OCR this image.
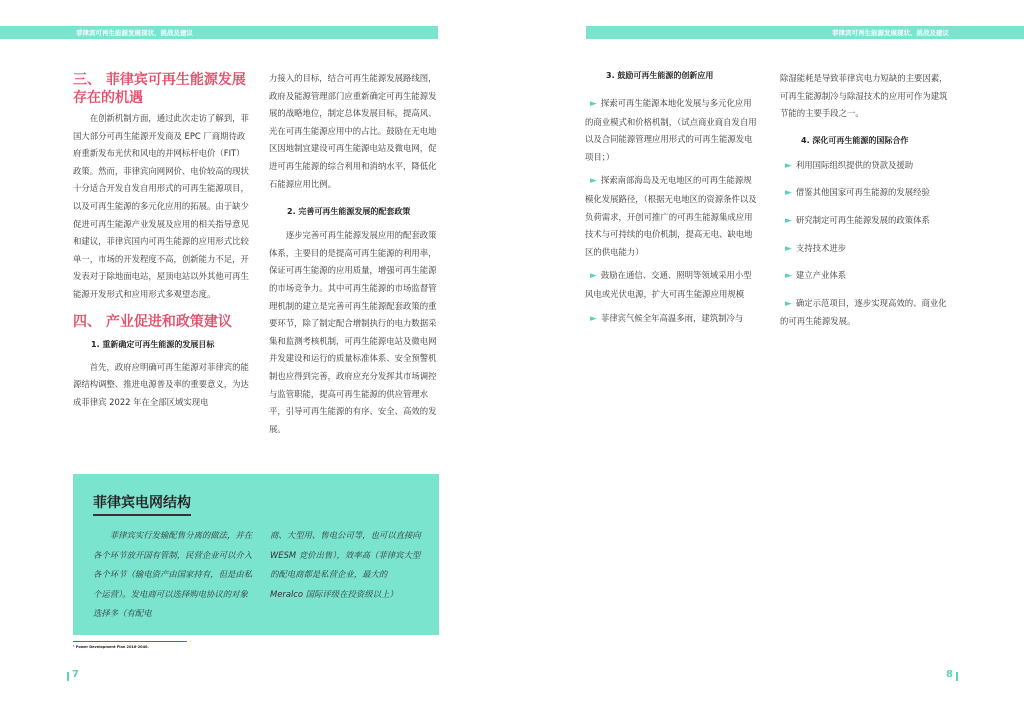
菲律宾可再生能源发展现状、挑战及建议	菲律宾可再生能源发展现状、挑战及建议
三、 菲律宾可再生能源发展存在的机遇

在创新机制方面，通过此次走访了解到，菲国大部分可再生能源开发商及 EPC 厂商期待政府重新发布光伏和风电的并网标杆电价（FIT）政策。然而，菲律宾向网网价、电价较高的现状十分适合开发自发自用形式的可再生能源项目，以及可再生能源的多元化应用的拓展。由于缺少促进可再生能源产业发展及应用的相关指导意见和建议，菲律宾国内可再生能源的应用形式比较单一，市场的开发程度不高，创新能力不足，开发表对于除地面电站，屋顶电站以外其他可再生能源开发形式和应用形式多观望态度。

四、 产业促进和政策建议
1. 重新确定可再生能源的发展目标

首先，政府应明确可再生能源对菲律宾的能源结构调整、推进电源普及率的重要意义，为达成菲律宾 2022 年在全部区域实现电

力接入的目标，结合可再生能源发展路线图，政府及能源管理部门应重新确定可再生能源发展的战略地位，制定总体发展目标，提高风、光在可再生能源应用中的占比。鼓励在无电地区因地制宜建设可再生能源电站及微电网，促进可再生能源的综合利用和消纳水平，降低化石能源应用比例。

2. 完善可再生能源发展的配套政策

逐步完善可再生能源发展应用的配套政策体系，主要目的是提高可再生能源的利用率，保证可再生能源的应用质量，增强可再生能源的市场竞争力。其中可再生能源的市场监督管理机制的建立是完善可再生能源配套政策的重要环节，除了制定配合增制执行的电力数据采集和监测考核机制，可再生能源电站及微电网并发建设和运行的质量标准体系、安全预警机制也应得到完善，政府应充分发挥其市场调控与监管职能，提高可再生能源的供应管理水平，引导可再生能源的有序、安全、高效的发展。

菲律宾电网结构
菲律宾实行发输配售分离的做法，并在各个环节放开国有管制，民营企业可以介入各个环节（输电资产由国家持有，但是由私个运营）。发电商可以选择购电协议的对象选择多（有配电
商、大型用、售电公司等，也可以直接向 WESM 竞价出售），效率高（菲律宾大型的配电商都是私营企业，最大的 Meralco 国际评级在投资级以上）
¹ Power Development Plan 2016-2040.
7	8
3. 鼓励可再生能源的创新应用
► 探索可再生能源本地化发展与多元化应用的商业模式和价格机制，（试点商业商自发自用以及合同能源管理应用形式的可再生能源发电项目；）
► 探索南部海岛及无电地区的可再生能源规模化发展路径，（根据无电地区的资源条件以及负荷需求，开创可推广的可再生能源集成应用技术与可持续的电价机制，提高无电、缺电地区的供电能力）
► 鼓励在通信、交通、照明等领域采用小型风电或光伏电源，扩大可再生能源应用规模
► 菲律宾气候全年高温多雨，建筑制冷与

除湿能耗是导致菲律宾电力短缺的主要因素，可再生能源制冷与除湿技术的应用可作为建筑节能的主要手段之一。

4. 深化可再生能源的国际合作
► 利用国际组织提供的贷款及援助
► 借鉴其他国家可再生能源的发展经验
► 研究制定可再生能源发展的政策体系
► 支持技术进步
► 建立产业体系
► 确定示范项目，逐步实现高效的、商业化的可再生能源发展。
